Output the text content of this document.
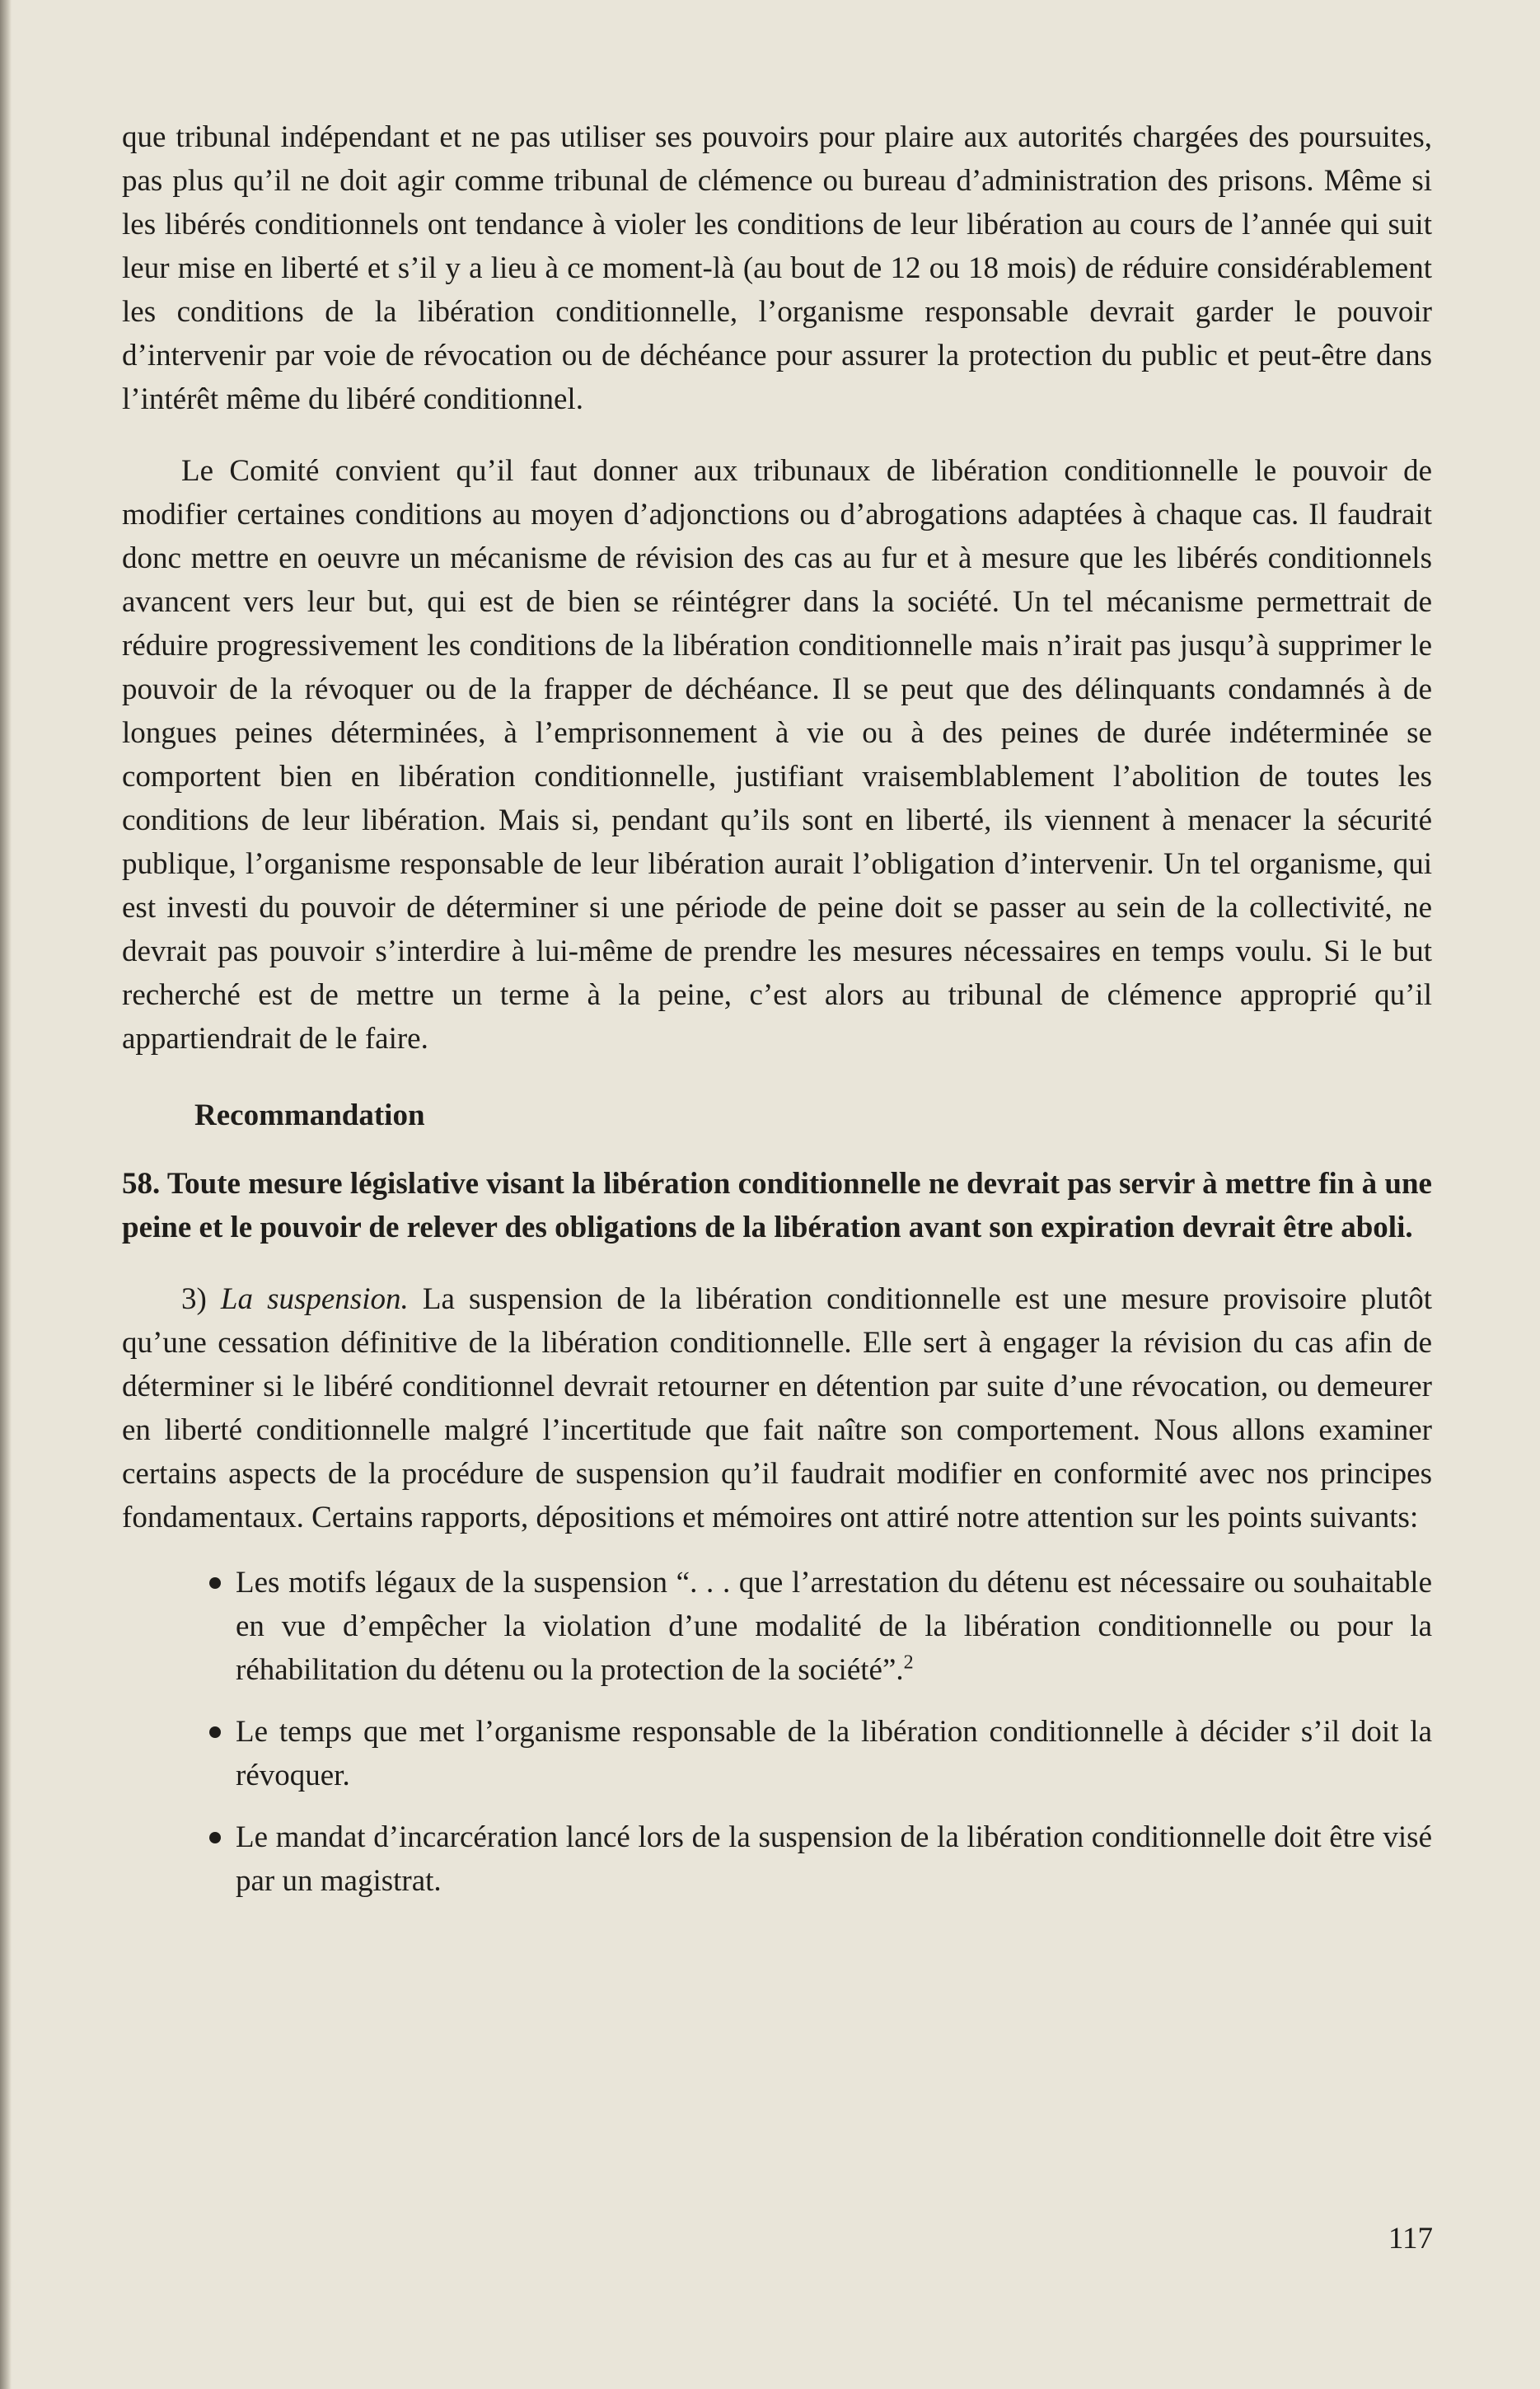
que tribunal indépendant et ne pas utiliser ses pouvoirs pour plaire aux autorités chargées des poursuites, pas plus qu’il ne doit agir comme tribunal de clémence ou bureau d’administration des prisons. Même si les libérés conditionnels ont tendance à violer les conditions de leur libération au cours de l’année qui suit leur mise en liberté et s’il y a lieu à ce moment-là (au bout de 12 ou 18 mois) de réduire considérablement les conditions de la libération conditionnelle, l’organisme responsable devrait garder le pouvoir d’intervenir par voie de révocation ou de déchéance pour assurer la protection du public et peut-être dans l’intérêt même du libéré conditionnel.

Le Comité convient qu’il faut donner aux tribunaux de libération conditionnelle le pouvoir de modifier certaines conditions au moyen d’adjonctions ou d’abrogations adaptées à chaque cas. Il faudrait donc mettre en oeuvre un mécanisme de révision des cas au fur et à mesure que les libérés conditionnels avancent vers leur but, qui est de bien se réintégrer dans la société. Un tel mécanisme permettrait de réduire progressivement les conditions de la libération conditionnelle mais n’irait pas jusqu’à supprimer le pouvoir de la révoquer ou de la frapper de déchéance. Il se peut que des délinquants condamnés à de longues peines déterminées, à l’emprisonnement à vie ou à des peines de durée indéterminée se comportent bien en libération conditionnelle, justifiant vraisemblablement l’abolition de toutes les conditions de leur libération. Mais si, pendant qu’ils sont en liberté, ils viennent à menacer la sécurité publique, l’organisme responsable de leur libération aurait l’obligation d’intervenir. Un tel organisme, qui est investi du pouvoir de déterminer si une période de peine doit se passer au sein de la collectivité, ne devrait pas pouvoir s’interdire à lui-même de prendre les mesures nécessaires en temps voulu. Si le but recherché est de mettre un terme à la peine, c’est alors au tribunal de clémence approprié qu’il appartiendrait de le faire.

Recommandation

58. Toute mesure législative visant la libération conditionnelle ne devrait pas servir à mettre fin à une peine et le pouvoir de relever des obligations de la libération avant son expiration devrait être aboli.

3) La suspension. La suspension de la libération conditionnelle est une mesure provisoire plutôt qu’une cessation définitive de la libération conditionnelle. Elle sert à engager la révision du cas afin de déterminer si le libéré conditionnel devrait retourner en détention par suite d’une révocation, ou demeurer en liberté conditionnelle malgré l’incertitude que fait naître son comportement. Nous allons examiner certains aspects de la procédure de suspension qu’il faudrait modifier en conformité avec nos principes fondamentaux. Certains rapports, dépositions et mémoires ont attiré notre attention sur les points suivants:

Les motifs légaux de la suspension “. . . que l’arrestation du détenu est nécessaire ou souhaitable en vue d’empêcher la violation d’une modalité de la libération conditionnelle ou pour la réhabilitation du détenu ou la protection de la société”.$^2$
Le temps que met l’organisme responsable de la libération conditionnelle à décider s’il doit la révoquer.
Le mandat d’incarcération lancé lors de la suspension de la libération conditionnelle doit être visé par un magistrat.
117
